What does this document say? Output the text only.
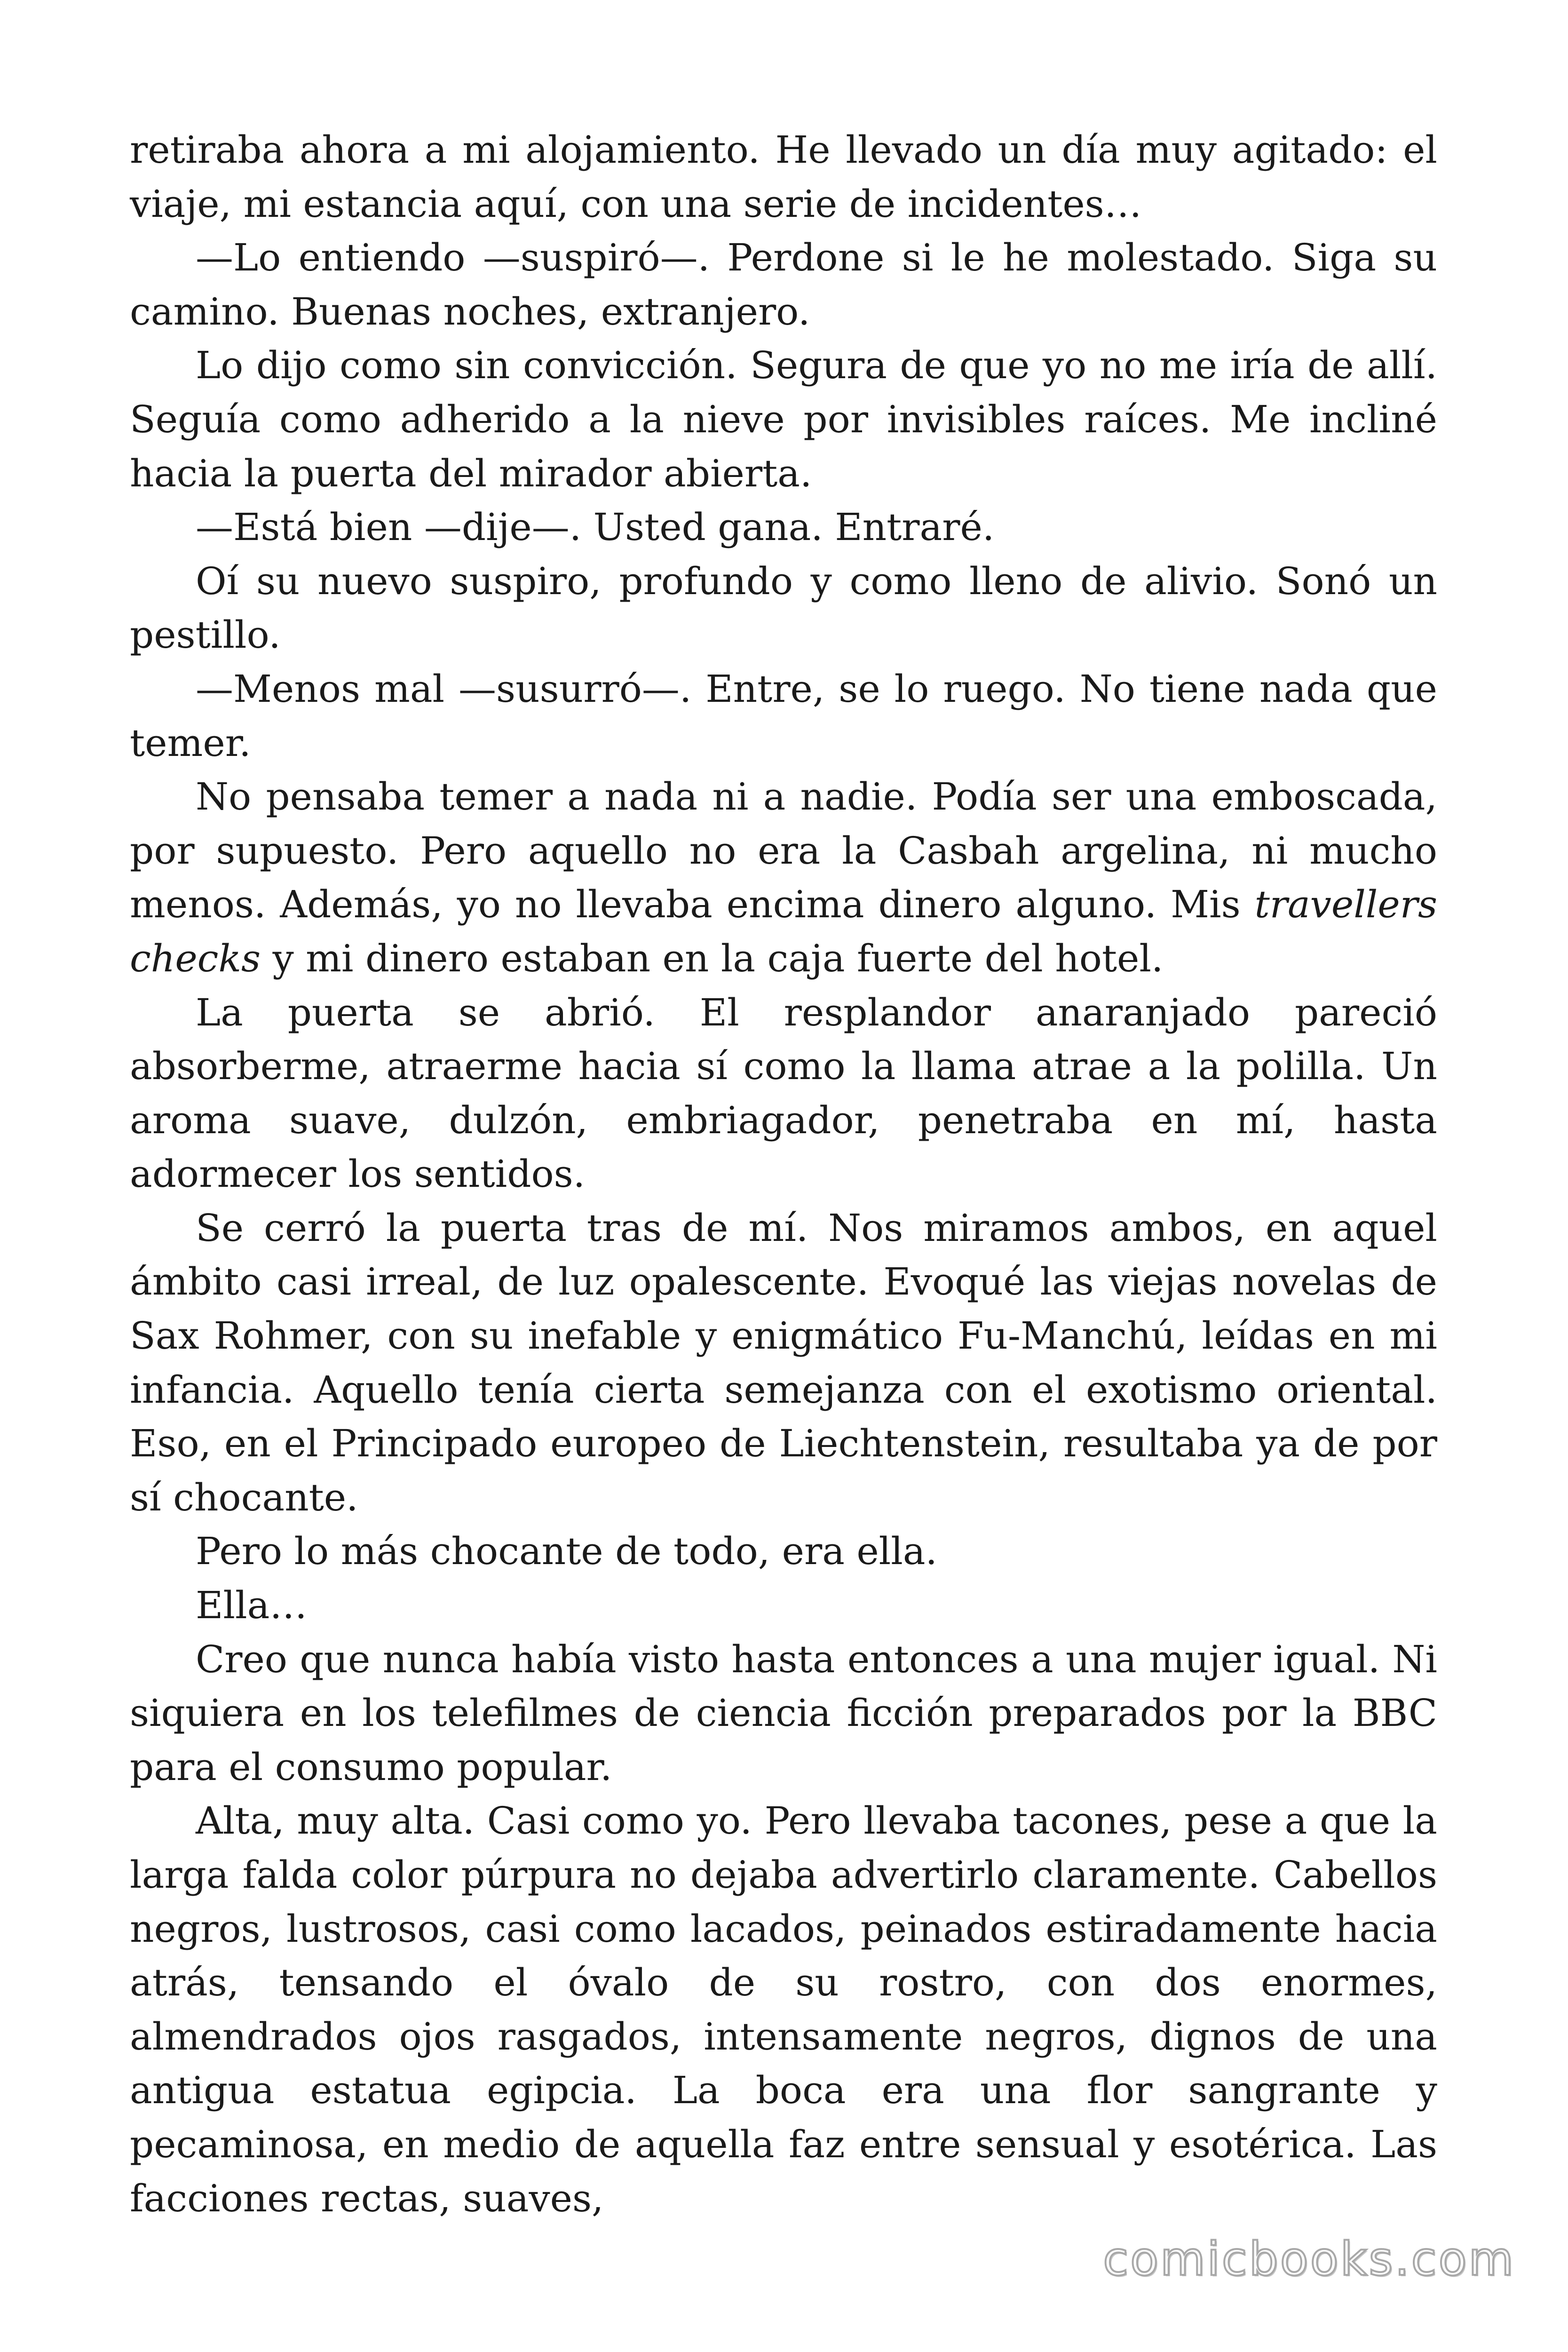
retiraba ahora a mi alojamiento. He llevado un día muy agitado: el viaje, mi estancia aquí, con una serie de incidentes…

—Lo entiendo —suspiró—. Perdone si le he molestado. Siga su camino. Buenas noches, extranjero.

Lo dijo como sin convicción. Segura de que yo no me iría de allí. Seguía como adherido a la nieve por invisibles raíces. Me incliné hacia la puerta del mirador abierta.

—Está bien —dije—. Usted gana. Entraré.

Oí su nuevo suspiro, profundo y como lleno de alivio. Sonó un pestillo.

—Menos mal —susurró—. Entre, se lo ruego. No tiene nada que temer.

No pensaba temer a nada ni a nadie. Podía ser una emboscada, por supuesto. Pero aquello no era la Casbah argelina, ni mucho menos. Además, yo no llevaba encima dinero alguno. Mis travellers checks y mi dinero estaban en la caja fuerte del hotel.

La puerta se abrió. El resplandor anaranjado pareció absorberme, atraerme hacia sí como la llama atrae a la polilla. Un aroma suave, dulzón, embriagador, penetraba en mí, hasta adormecer los sentidos.

Se cerró la puerta tras de mí. Nos miramos ambos, en aquel ámbito casi irreal, de luz opalescente. Evoqué las viejas novelas de Sax Rohmer, con su inefable y enigmático Fu-Manchú, leídas en mi infancia. Aquello tenía cierta semejanza con el exotismo oriental. Eso, en el Principado europeo de Liechtenstein, resultaba ya de por sí chocante.

Pero lo más chocante de todo, era ella.

Ella…

Creo que nunca había visto hasta entonces a una mujer igual. Ni siquiera en los telefilmes de ciencia ficción preparados por la BBC para el consumo popular.

Alta, muy alta. Casi como yo. Pero llevaba tacones, pese a que la larga falda color púrpura no dejaba advertirlo claramente. Cabellos negros, lustrosos, casi como lacados, peinados estiradamente hacia atrás, tensando el óvalo de su rostro, con dos enormes, almendrados ojos rasgados, intensamente negros, dignos de una antigua estatua egipcia. La boca era una flor sangrante y pecaminosa, en medio de aquella faz entre sensual y esotérica. Las facciones rectas, suaves,

comicbooks.com
